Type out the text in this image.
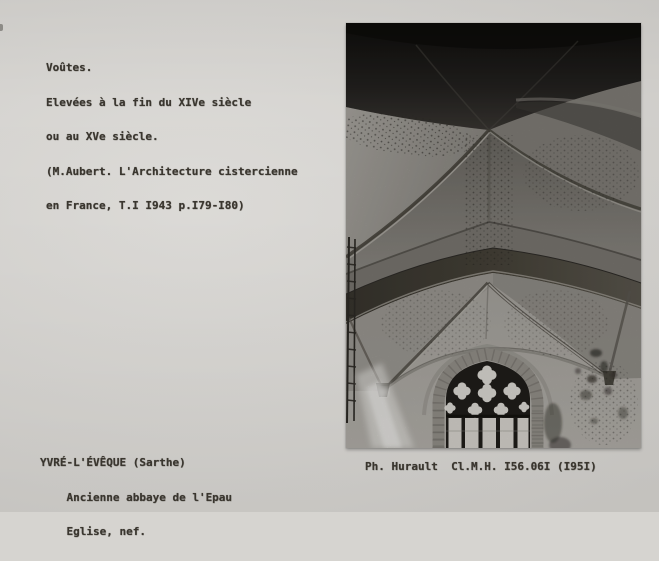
Voûtes.

Elevées à la fin du XIVe siècle

ou au XVe siècle.

(M.Aubert. L'Architecture cistercienne

en France, T.I I943 p.I79-I80)

YVRÉ-L'ÉVÊQUE (Sarthe)

Ancienne abbaye de l'Epau

Eglise, nef.

Ph. Hurault  Cl.M.H. I56.06I (I95I)
